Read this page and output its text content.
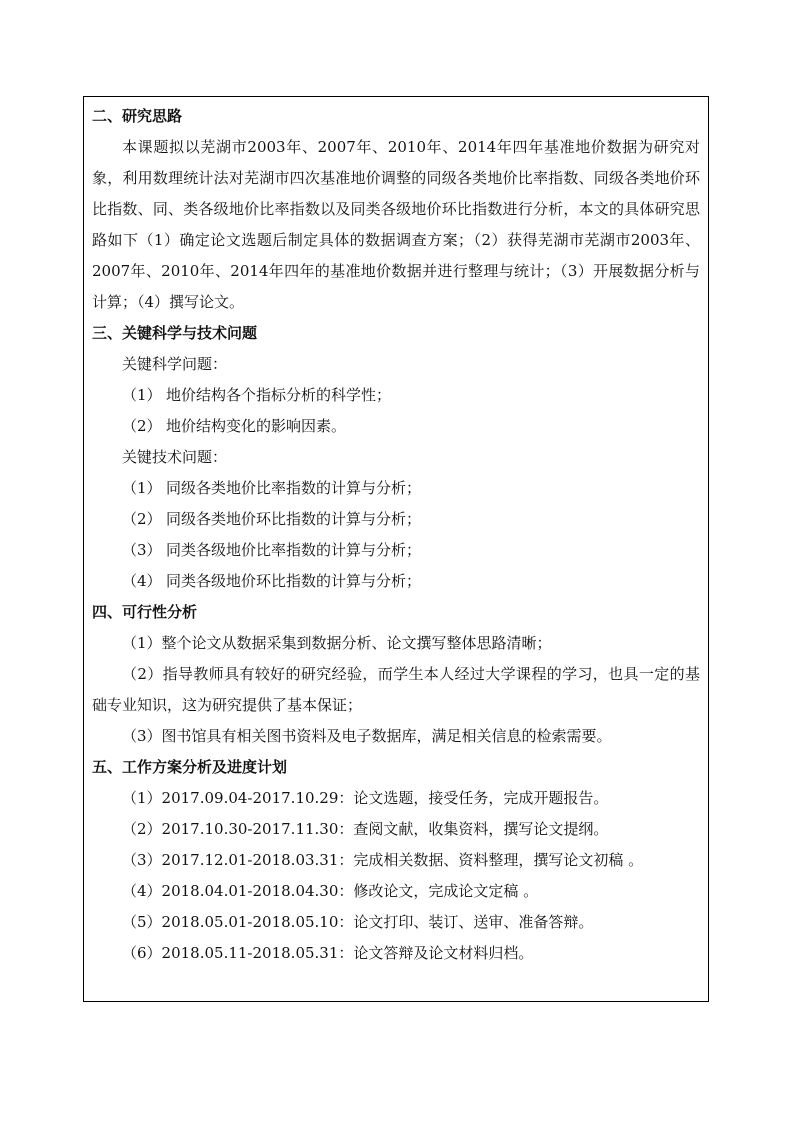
二、研究思路

本课题拟以芜湖市2003年、2007年、2010年、2014年四年基准地价数据为研究对象，利用数理统计法对芜湖市四次基准地价调整的同级各类地价比率指数、同级各类地价环比指数、同、类各级地价比率指数以及同类各级地价环比指数进行分析，本文的具体研究思路如下（1）确定论文选题后制定具体的数据调查方案；（2）获得芜湖市芜湖市2003年、2007年、2010年、2014年四年的基准地价数据并进行整理与统计；（3）开展数据分析与计算；（4）撰写论文。

三、关键科学与技术问题
关键科学问题：
（1） 地价结构各个指标分析的科学性；
（2） 地价结构变化的影响因素。
关键技术问题：
（1） 同级各类地价比率指数的计算与分析；
（2） 同级各类地价环比指数的计算与分析；
（3） 同类各级地价比率指数的计算与分析；
（4） 同类各级地价环比指数的计算与分析；
四、可行性分析

（1）整个论文从数据采集到数据分析、论文撰写整体思路清晰；

（2）指导教师具有较好的研究经验，而学生本人经过大学课程的学习，也具一定的基础专业知识，这为研究提供了基本保证；

（3）图书馆具有相关图书资料及电子数据库，满足相关信息的检索需要。

五、工作方案分析及进度计划
（1）2017.09.04-2017.10.29：论文选题，接受任务，完成开题报告。
（2）2017.10.30-2017.11.30：查阅文献，收集资料，撰写论文提纲。
（3）2017.12.01-2018.03.31：完成相关数据、资料整理，撰写论文初稿 。
（4）2018.04.01-2018.04.30：修改论文，完成论文定稿 。
（5）2018.05.01-2018.05.10：论文打印、装订、送审、准备答辩。
（6）2018.05.11-2018.05.31：论文答辩及论文材料归档。
